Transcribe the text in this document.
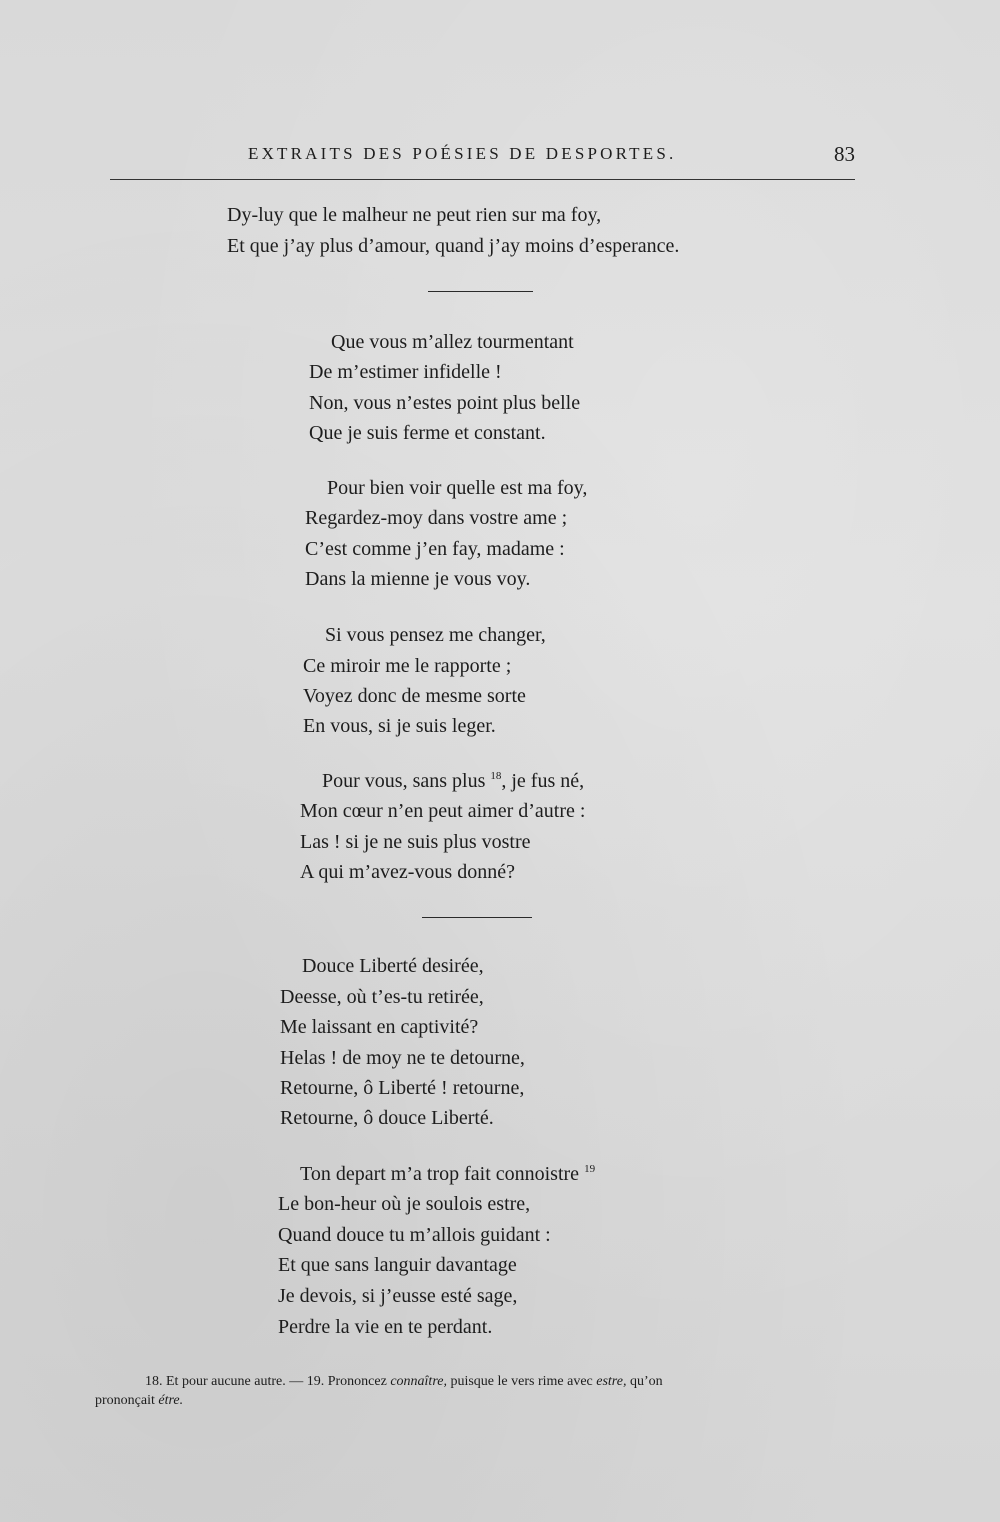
EXTRAITS DES POÉSIES DE DESPORTES.	83
Dy-luy que le malheur ne peut rien sur ma foy,
Et que j’ay plus d’amour, quand j’ay moins d’esperance.
Que vous m’allez tourmentant
De m’estimer infidelle !
Non, vous n’estes point plus belle
Que je suis ferme et constant.
Pour bien voir quelle est ma foy,
Regardez-moy dans vostre ame ;
C’est comme j’en fay, madame :
Dans la mienne je vous voy.
Si vous pensez me changer,
Ce miroir me le rapporte ;
Voyez donc de mesme sorte
En vous, si je suis leger.
Pour vous, sans plus $^{18}$, je fus né,
Mon cœur n’en peut aimer d’autre :
Las ! si je ne suis plus vostre
A qui m’avez-vous donné?
Douce Liberté desirée,
Deesse, où t’es-tu retirée,
Me laissant en captivité?
Helas ! de moy ne te detourne,
Retourne, ô Liberté ! retourne,
Retourne, ô douce Liberté.
Ton depart m’a trop fait connoistre $^{19}$
Le bon-heur où je soulois estre,
Quand douce tu m’allois guidant :
Et que sans languir davantage
Je devois, si j’eusse esté sage,
Perdre la vie en te perdant.
18. Et pour aucune autre. — 19. Prononcez connaître, puisque le vers rime avec estre, qu’on
prononçait étre.
